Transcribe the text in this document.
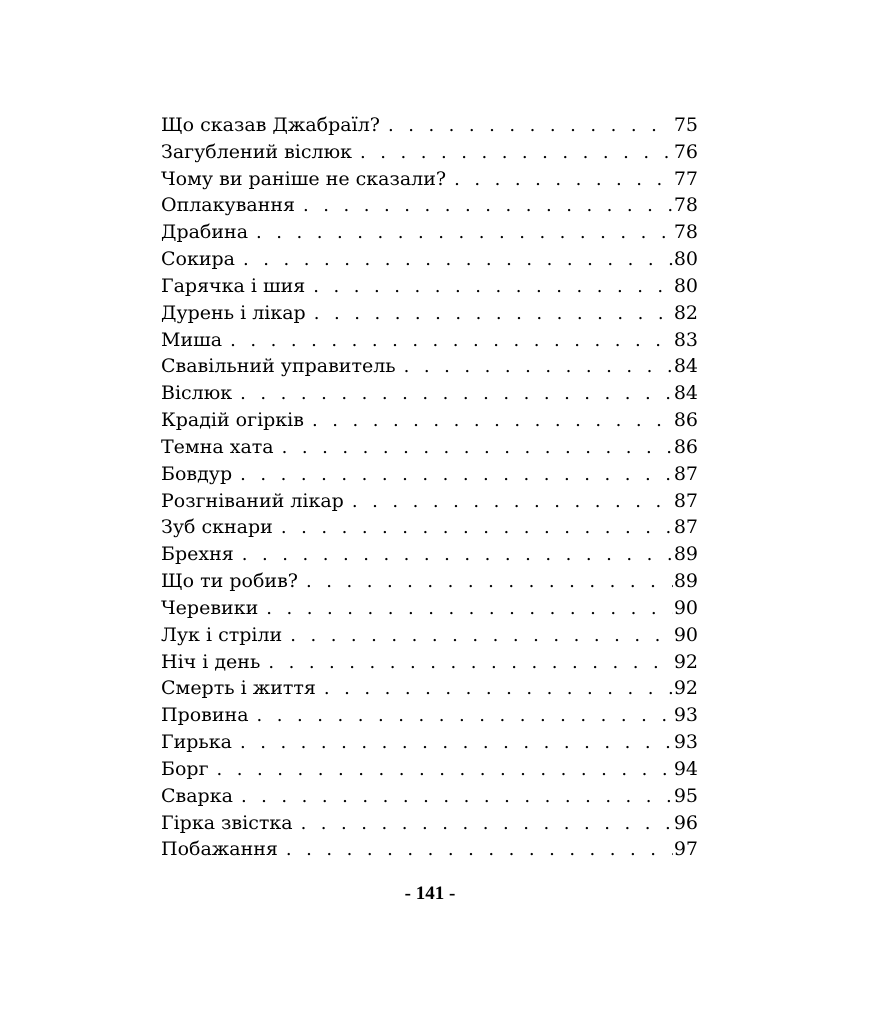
Що сказав Джабраїл? . . .	75
Загублений віслюк . . .	76
Чому ви раніше не сказали? . . .	77
Оплакування . . .	78
Драбина . . .	78
Сокира . . .	80
Гарячка і шия . . .	80
Дурень і лікар . . .	82
Миша . . .	83
Свавільний управитель . . .	84
Віслюк . . .	84
Крадій огірків . . .	86
Темна хата . . .	86
Бовдур . . .	87
Розгніваний лікар . . .	87
Зуб скнари . . .	87
Брехня . . .	89
Що ти робив? . . .	89
Черевики . . .	90
Лук і стріли . . .	90
Ніч і день . . .	92
Смерть і життя . . .	92
Провина . . .	93
Гирька . . .	93
Борг . . .	94
Сварка . . .	95
Гірка звістка . . .	96
Побажання . . .	97
- 141 -
